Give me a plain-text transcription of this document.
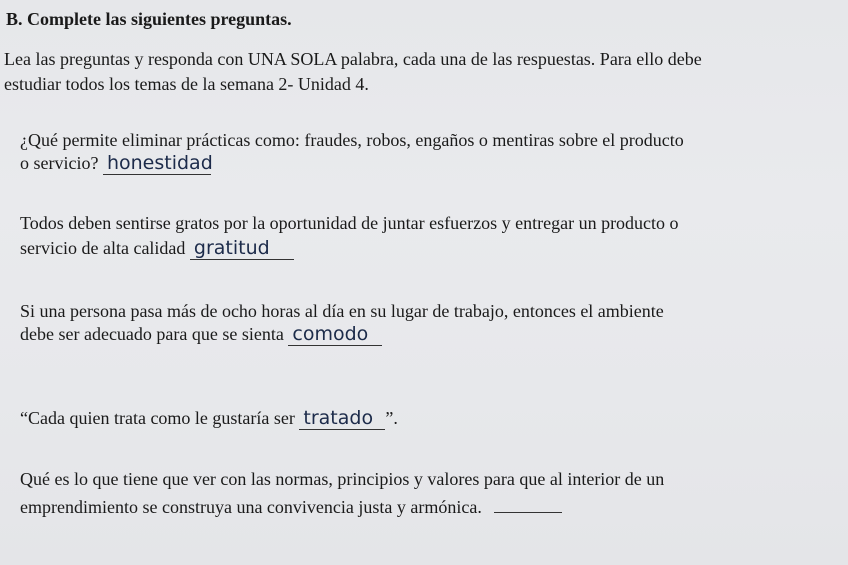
B. Complete las siguientes preguntas.
Lea las preguntas y responda con UNA SOLA palabra, cada una de las respuestas. Para ello debe
estudiar todos los temas de la semana 2- Unidad 4.
¿Qué permite eliminar prácticas como: fraudes, robos, engaños o mentiras sobre el producto
o servicio? honestidad
Todos deben sentirse gratos por la oportunidad de juntar esfuerzos y entregar un producto o
servicio de alta calidad gratitud
Si una persona pasa más de ocho horas al día en su lugar de trabajo, entonces el ambiente
debe ser adecuado para que se sienta comodo
“Cada quien trata como le gustaría ser tratado ”.
Qué es lo que tiene que ver con las normas, principios y valores para que al interior de un
emprendimiento se construya una convivencia justa y armónica.
